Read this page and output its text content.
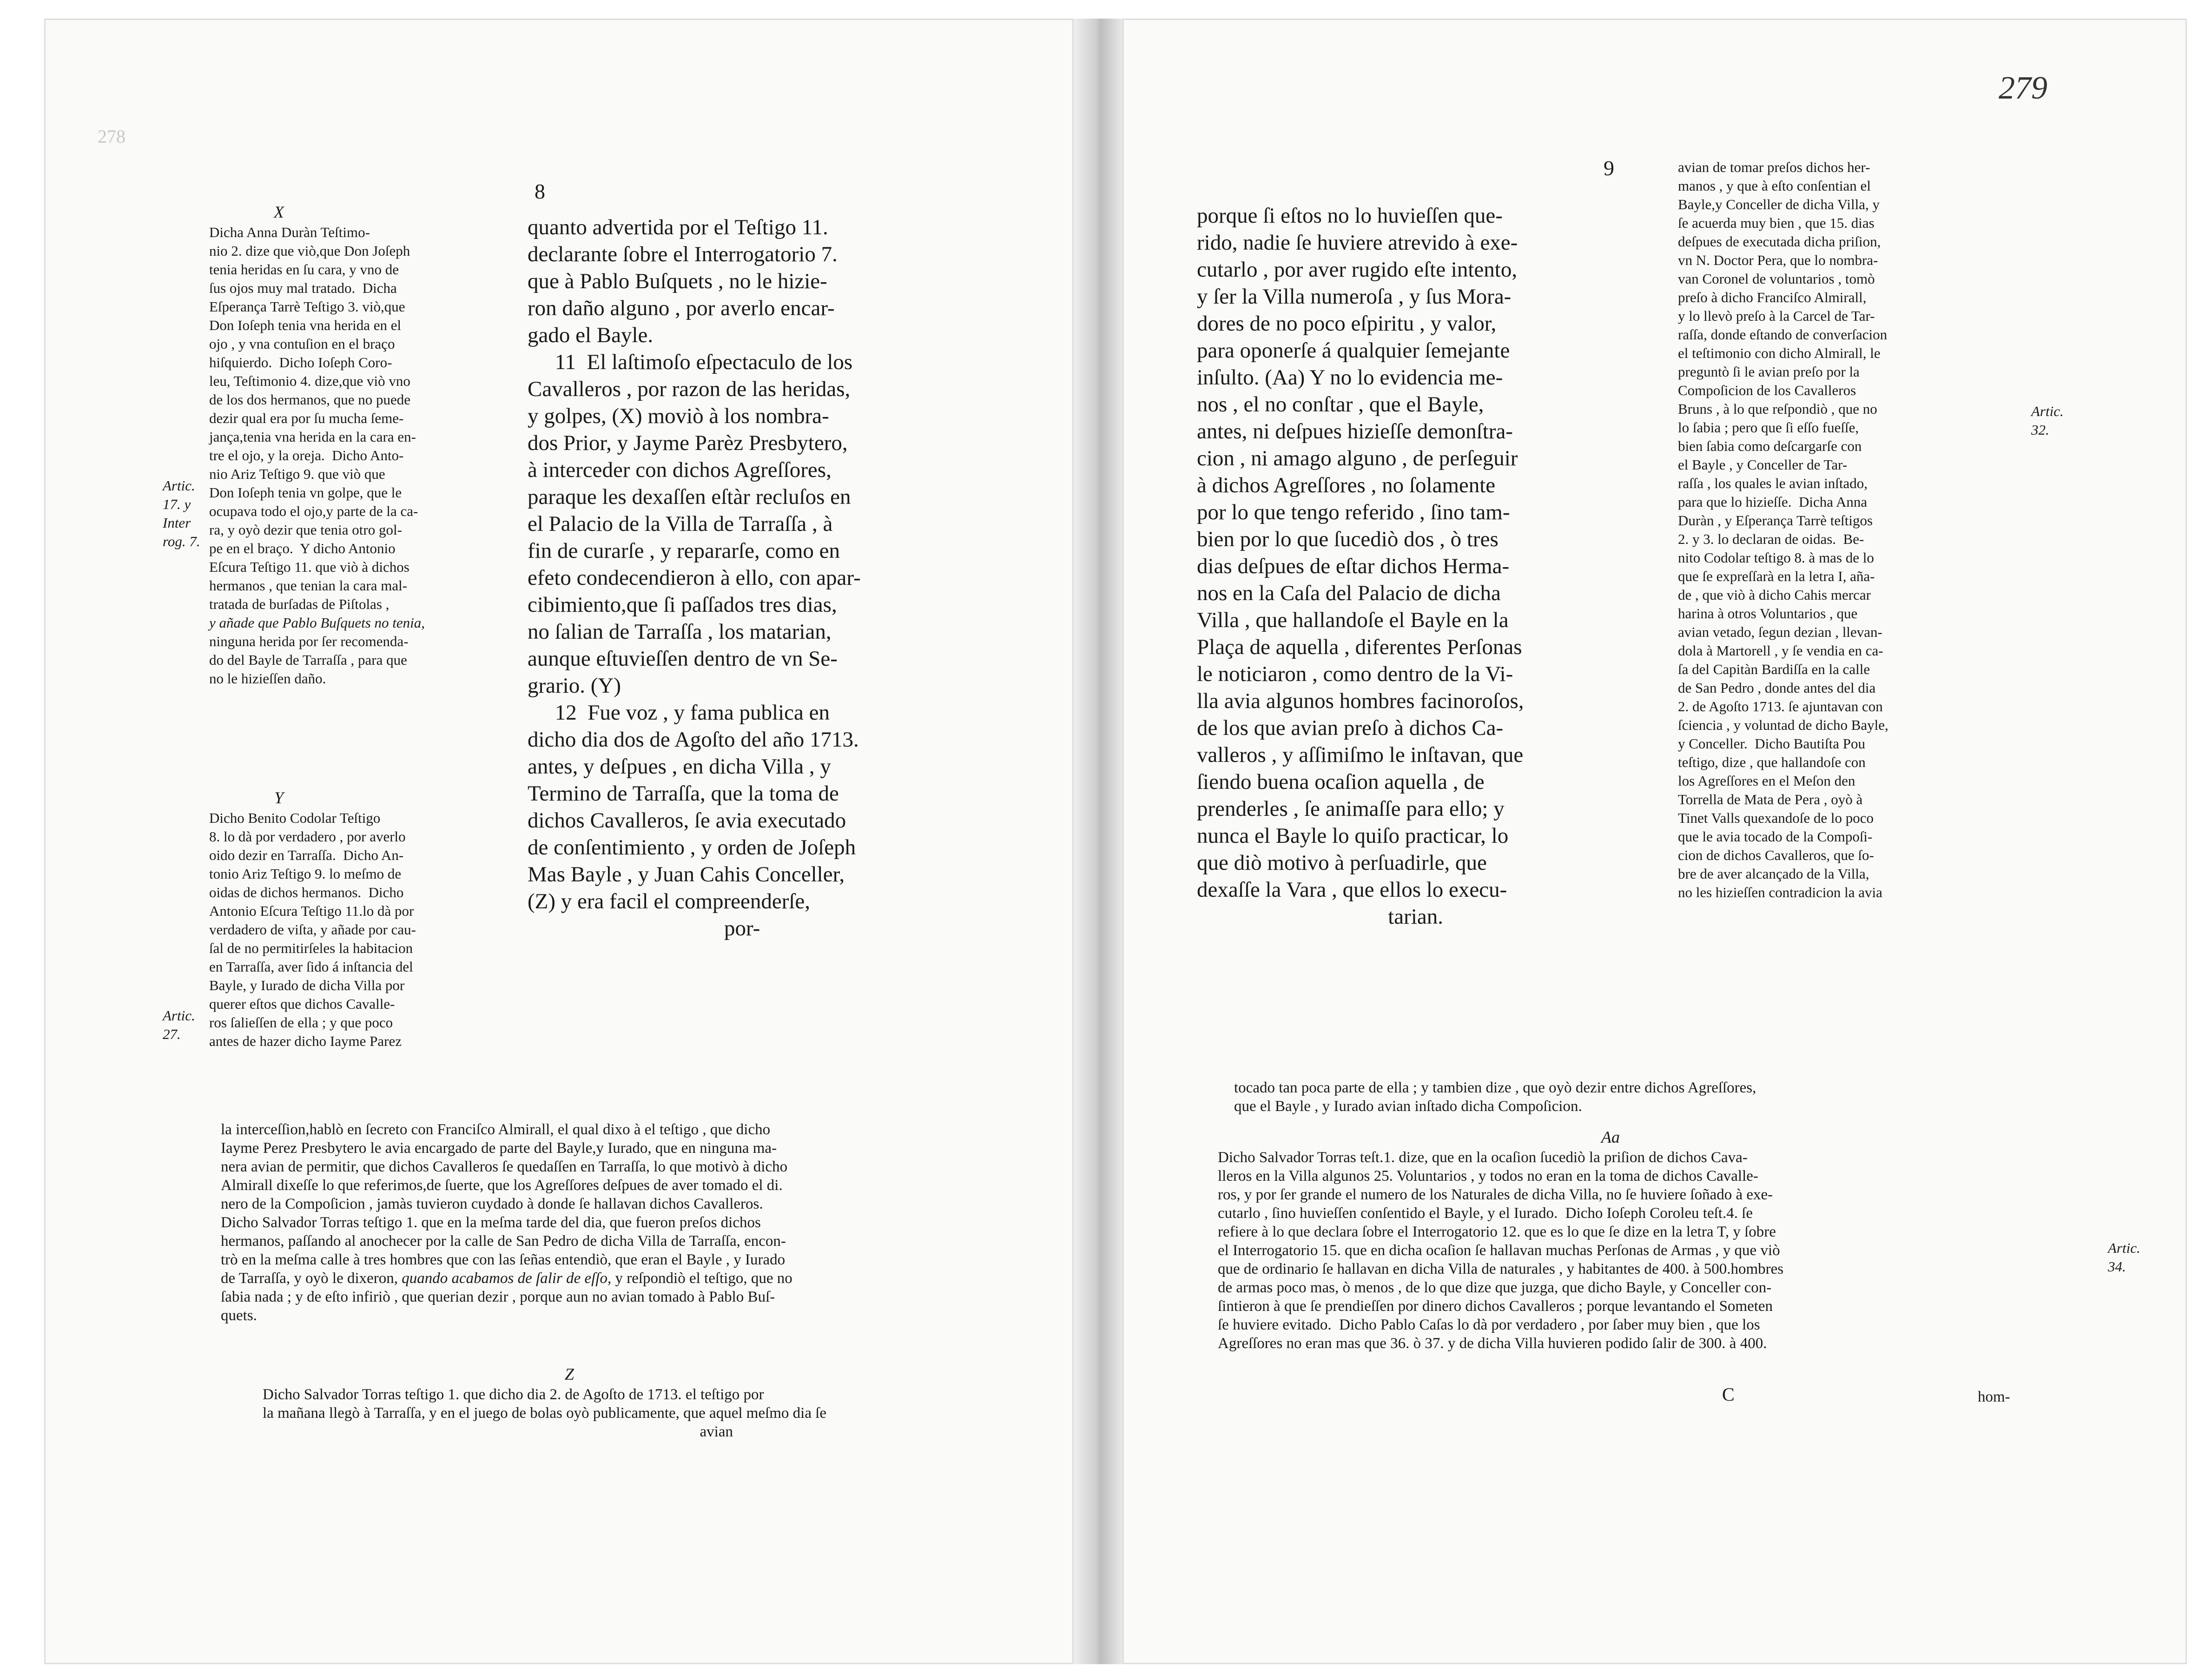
278
8
X
Dicha Anna Duràn Teſtimo-
nio 2. dize que viò,que Don Joſeph
tenia heridas en ſu cara, y vno de
ſus ojos muy mal tratado.  Dicha
Eſperança Tarrè Teſtigo 3. viò,que
Don Ioſeph tenia vna herida en el
ojo , y vna contuſion en el braço
hiſquierdo.  Dicho Ioſeph Coro-
leu, Teſtimonio 4. dize,que viò vno
de los dos hermanos, que no puede
dezir qual era por ſu mucha ſeme-
jança,tenia vna herida en la cara en-
tre el ojo, y la oreja.  Dicho Anto-
nio Ariz Teſtigo 9. que viò que
Don Ioſeph tenia vn golpe, que le
ocupava todo el ojo,y parte de la ca-
ra, y oyò dezir que tenia otro gol-
pe en el braço.  Y dicho Antonio
Eſcura Teſtigo 11. que viò à dichos
hermanos , que tenian la cara mal-
tratada de burſadas de Piſtolas ,
y añade que Pablo Buſquets no tenia,
ninguna herida por ſer recomenda-
do del Bayle de Tarraſſa , para que
no le hizieſſen daño.
Y
Dicho Benito Codolar Teſtigo
8. lo dà por verdadero , por averlo
oido dezir en Tarraſſa.  Dicho An-
tonio Ariz Teſtigo 9. lo meſmo de
oidas de dichos hermanos.  Dicho
Antonio Eſcura Teſtigo 11.lo dà por
verdadero de viſta, y añade por cau-
ſal de no permitirſeles la habitacion
en Tarraſſa, aver ſido á inſtancia del
Bayle, y Iurado de dicha Villa por
querer eſtos que dichos Cavalle-
ros ſalieſſen de ella ; y que poco
antes de hazer dicho Iayme Parez
Artic.
17. y
Inter
rog. 7.
Artic.
27.
quanto advertida por el Teſtigo 11.
declarante ſobre el Interrogatorio 7.
que à Pablo Buſquets , no le hizie-
ron daño alguno , por averlo encar-
gado el Bayle.
11  El laſtimoſo eſpectaculo de los
Cavalleros , por razon de las heridas,
y golpes, (X) moviò à los nombra-
dos Prior, y Jayme Parèz Presbytero,
à interceder con dichos Agreſſores,
paraque les dexaſſen eſtàr recluſos en
el Palacio de la Villa de Tarraſſa , à
fin de curarſe , y repararſe, como en
efeto condecendieron à ello, con apar-
cibimiento,que ſi paſſados tres dias,
no ſalian de Tarraſſa , los matarian,
aunque eſtuvieſſen dentro de vn Se-
grario. (Y)
12  Fue voz , y fama publica en
dicho dia dos de Agoſto del año 1713.
antes, y deſpues , en dicha Villa , y
Termino de Tarraſſa, que la toma de
dichos Cavalleros, ſe avia executado
de conſentimiento , y orden de Joſeph
Mas Bayle , y Juan Cahis Conceller,
(Z) y era facil el compreenderſe,
por-
la interceſſion,hablò en ſecreto con Franciſco Almirall, el qual dixo à el teſtigo , que dicho
Iayme Perez Presbytero le avia encargado de parte del Bayle,y Iurado, que en ninguna ma-
nera avian de permitir, que dichos Cavalleros ſe quedaſſen en Tarraſſa, lo que motivò à dicho
Almirall dixeſſe lo que referimos,de ſuerte, que los Agreſſores deſpues de aver tomado el di.
nero de la Compoſicion , jamàs tuvieron cuydado à donde ſe hallavan dichos Cavalleros.
Dicho Salvador Torras teſtigo 1. que en la meſma tarde del dia, que fueron preſos dichos
hermanos, paſſando al anochecer por la calle de San Pedro de dicha Villa de Tarraſſa, encon-
trò en la meſma calle à tres hombres que con las ſeñas entendiò, que eran el Bayle , y Iurado
de Tarraſſa, y oyò le dixeron, quando acabamos de ſalir de eſſo, y reſpondiò el teſtigo, que no
ſabia nada ; y de eſto infiriò , que querian dezir , porque aun no avian tomado à Pablo Buſ-
quets.
Z
Dicho Salvador Torras teſtigo 1. que dicho dia 2. de Agoſto de 1713. el teſtigo por
la mañana llegò à Tarraſſa, y en el juego de bolas oyò publicamente, que aquel meſmo dia ſe
avian
279
9
porque ſi eſtos no lo huvieſſen que-
rido, nadie ſe huviere atrevido à exe-
cutarlo , por aver rugido eſte intento,
y ſer la Villa numeroſa , y ſus Mora-
dores de no poco eſpiritu , y valor,
para oponerſe á qualquier ſemejante
inſulto. (Aa) Y no lo evidencia me-
nos , el no conſtar , que el Bayle,
antes, ni deſpues hizieſſe demonſtra-
cion , ni amago alguno , de perſeguir
à dichos Agreſſores , no ſolamente
por lo que tengo referido , ſino tam-
bien por lo que ſucediò dos , ò tres
dias deſpues de eſtar dichos Herma-
nos en la Caſa del Palacio de dicha
Villa , que hallandoſe el Bayle en la
Plaça de aquella , diferentes Perſonas
le noticiaron , como dentro de la Vi-
lla avia algunos hombres facinoroſos,
de los que avian preſo à dichos Ca-
valleros , y aſſimiſmo le inſtavan, que
ſiendo buena ocaſion aquella , de
prenderles , ſe animaſſe para ello; y
nunca el Bayle lo quiſo practicar, lo
que diò motivo à perſuadirle, que
dexaſſe la Vara , que ellos lo execu-
tarian.
avian de tomar preſos dichos her-
manos , y que à eſto conſentian el
Bayle,y Conceller de dicha Villa, y
ſe acuerda muy bien , que 15. dias
deſpues de executada dicha priſion,
vn N. Doctor Pera, que lo nombra-
van Coronel de voluntarios , tomò
preſo à dicho Franciſco Almirall,
y lo llevò preſo à la Carcel de Tar-
raſſa, donde eſtando de converſacion
el teſtimonio con dicho Almirall, le
preguntò ſi le avian preſo por la
Compoſicion de los Cavalleros
Bruns , à lo que reſpondiò , que no
lo ſabia ; pero que ſi eſſo fueſſe,
bien ſabia como deſcargarſe con
el Bayle , y Conceller de Tar-
raſſa , los quales le avian inſtado,
para que lo hizieſſe.  Dicha Anna
Duràn , y Eſperança Tarrè teſtigos
2. y 3. lo declaran de oidas.  Be-
nito Codolar teſtigo 8. à mas de lo
que ſe expreſſarà en la letra I, aña-
de , que viò à dicho Cahis mercar
harina à otros Voluntarios , que
avian vetado, ſegun dezian , llevan-
dola à Martorell , y ſe vendia en ca-
ſa del Capitàn Bardiſſa en la calle
de San Pedro , donde antes del dia
2. de Agoſto 1713. ſe ajuntavan con
ſciencia , y voluntad de dicho Bayle,
y Conceller.  Dicho Bautiſta Pou
teſtigo, dize , que hallandoſe con
los Agreſſores en el Meſon den
Torrella de Mata de Pera , oyò à
Tinet Valls quexandoſe de lo poco
que le avia tocado de la Compoſi-
cion de dichos Cavalleros, que ſo-
bre de aver alcançado de la Villa,
no les hizieſſen contradicion la avia
Artic.
32.
Artic.
34.
tocado tan poca parte de ella ; y tambien dize , que oyò dezir entre dichos Agreſſores,
que el Bayle , y Iurado avian inſtado dicha Compoſicion.
Aa
Dicho Salvador Torras teſt.1. dize, que en la ocaſion ſucediò la priſion de dichos Cava-
lleros en la Villa algunos 25. Voluntarios , y todos no eran en la toma de dichos Cavalle-
ros, y por ſer grande el numero de los Naturales de dicha Villa, no ſe huviere ſoñado à exe-
cutarlo , ſino huvieſſen conſentido el Bayle, y el Iurado.  Dicho Ioſeph Coroleu teſt.4. ſe
refiere à lo que declara ſobre el Interrogatorio 12. que es lo que ſe dize en la letra T, y ſobre
el Interrogatorio 15. que en dicha ocaſion ſe hallavan muchas Perſonas de Armas , y que viò
que de ordinario ſe hallavan en dicha Villa de naturales , y habitantes de 400. à 500.hombres
de armas poco mas, ò menos , de lo que dize que juzga, que dicho Bayle, y Conceller con-
ſintieron à que ſe prendieſſen por dinero dichos Cavalleros ; porque levantando el Someten
ſe huviere evitado.  Dicho Pablo Caſas lo dà por verdadero , por ſaber muy bien , que los
Agreſſores no eran mas que 36. ò 37. y de dicha Villa huvieren podido ſalir de 300. à 400.
hom-
C
